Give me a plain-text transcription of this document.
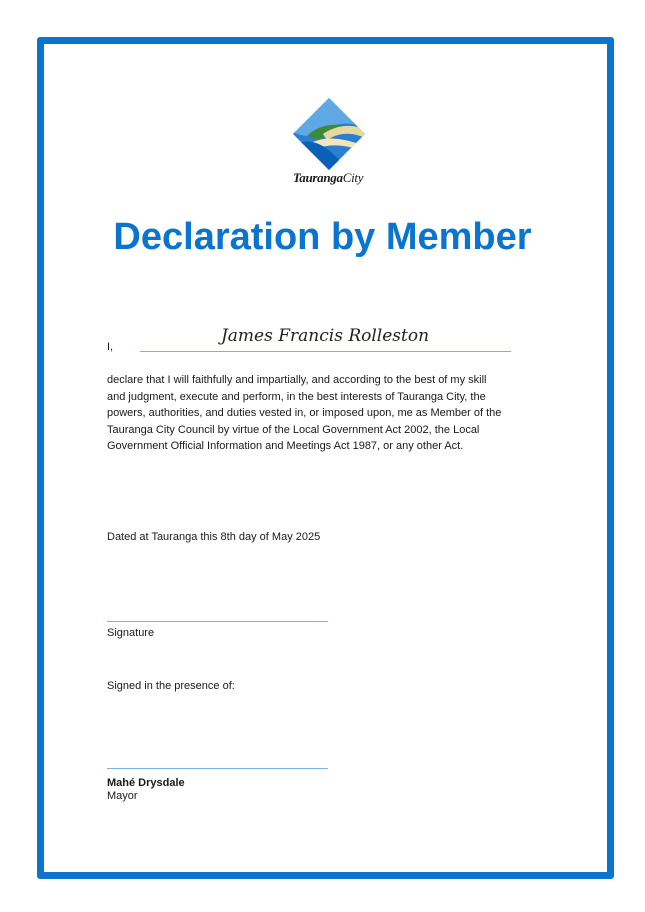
TaurangaCity
Declaration by Member
I,
James Francis Rolleston

declare that I will faithfully and impartially, and according to the best of my skill and judgment, execute and perform, in the best interests of Tauranga City, the powers, authorities, and duties vested in, or imposed upon, me as Member of the Tauranga City Council by virtue of the Local Government Act 2002, the Local Government Official Information and Meetings Act 1987, or any other Act.

Dated at Tauranga this 8th day of May 2025
Signature
Signed in the presence of:
Mahé Drysdale
Mayor
